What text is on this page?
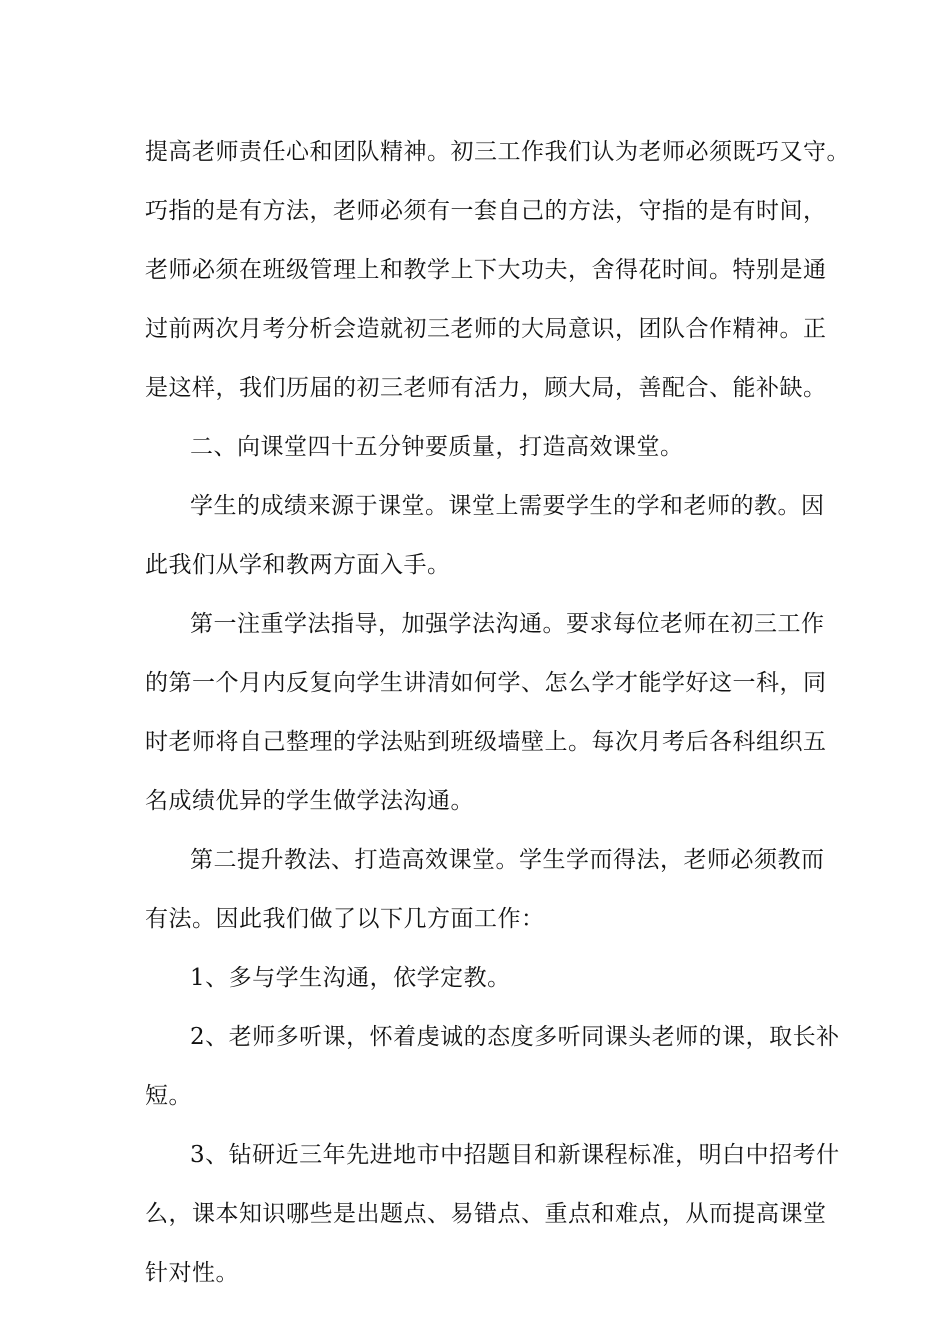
提高老师责任心和团队精神。初三工作我们认为老师必须既巧又守。
巧指的是有方法，老师必须有一套自己的方法，守指的是有时间，
老师必须在班级管理上和教学上下大功夫，舍得花时间。特别是通
过前两次月考分析会造就初三老师的大局意识，团队合作精神。正
是这样，我们历届的初三老师有活力，顾大局，善配合、能补缺。
二、向课堂四十五分钟要质量，打造高效课堂。
学生的成绩来源于课堂。课堂上需要学生的学和老师的教。因
此我们从学和教两方面入手。
第一注重学法指导，加强学法沟通。要求每位老师在初三工作
的第一个月内反复向学生讲清如何学、怎么学才能学好这一科，同
时老师将自己整理的学法贴到班级墙壁上。每次月考后各科组织五
名成绩优异的学生做学法沟通。
第二提升教法、打造高效课堂。学生学而得法，老师必须教而
有法。因此我们做了以下几方面工作：
1、多与学生沟通，依学定教。
2、老师多听课，怀着虔诚的态度多听同课头老师的课，取长补
短。
3、钻研近三年先进地市中招题目和新课程标准，明白中招考什
么，课本知识哪些是出题点、易错点、重点和难点，从而提高课堂
针对性。
